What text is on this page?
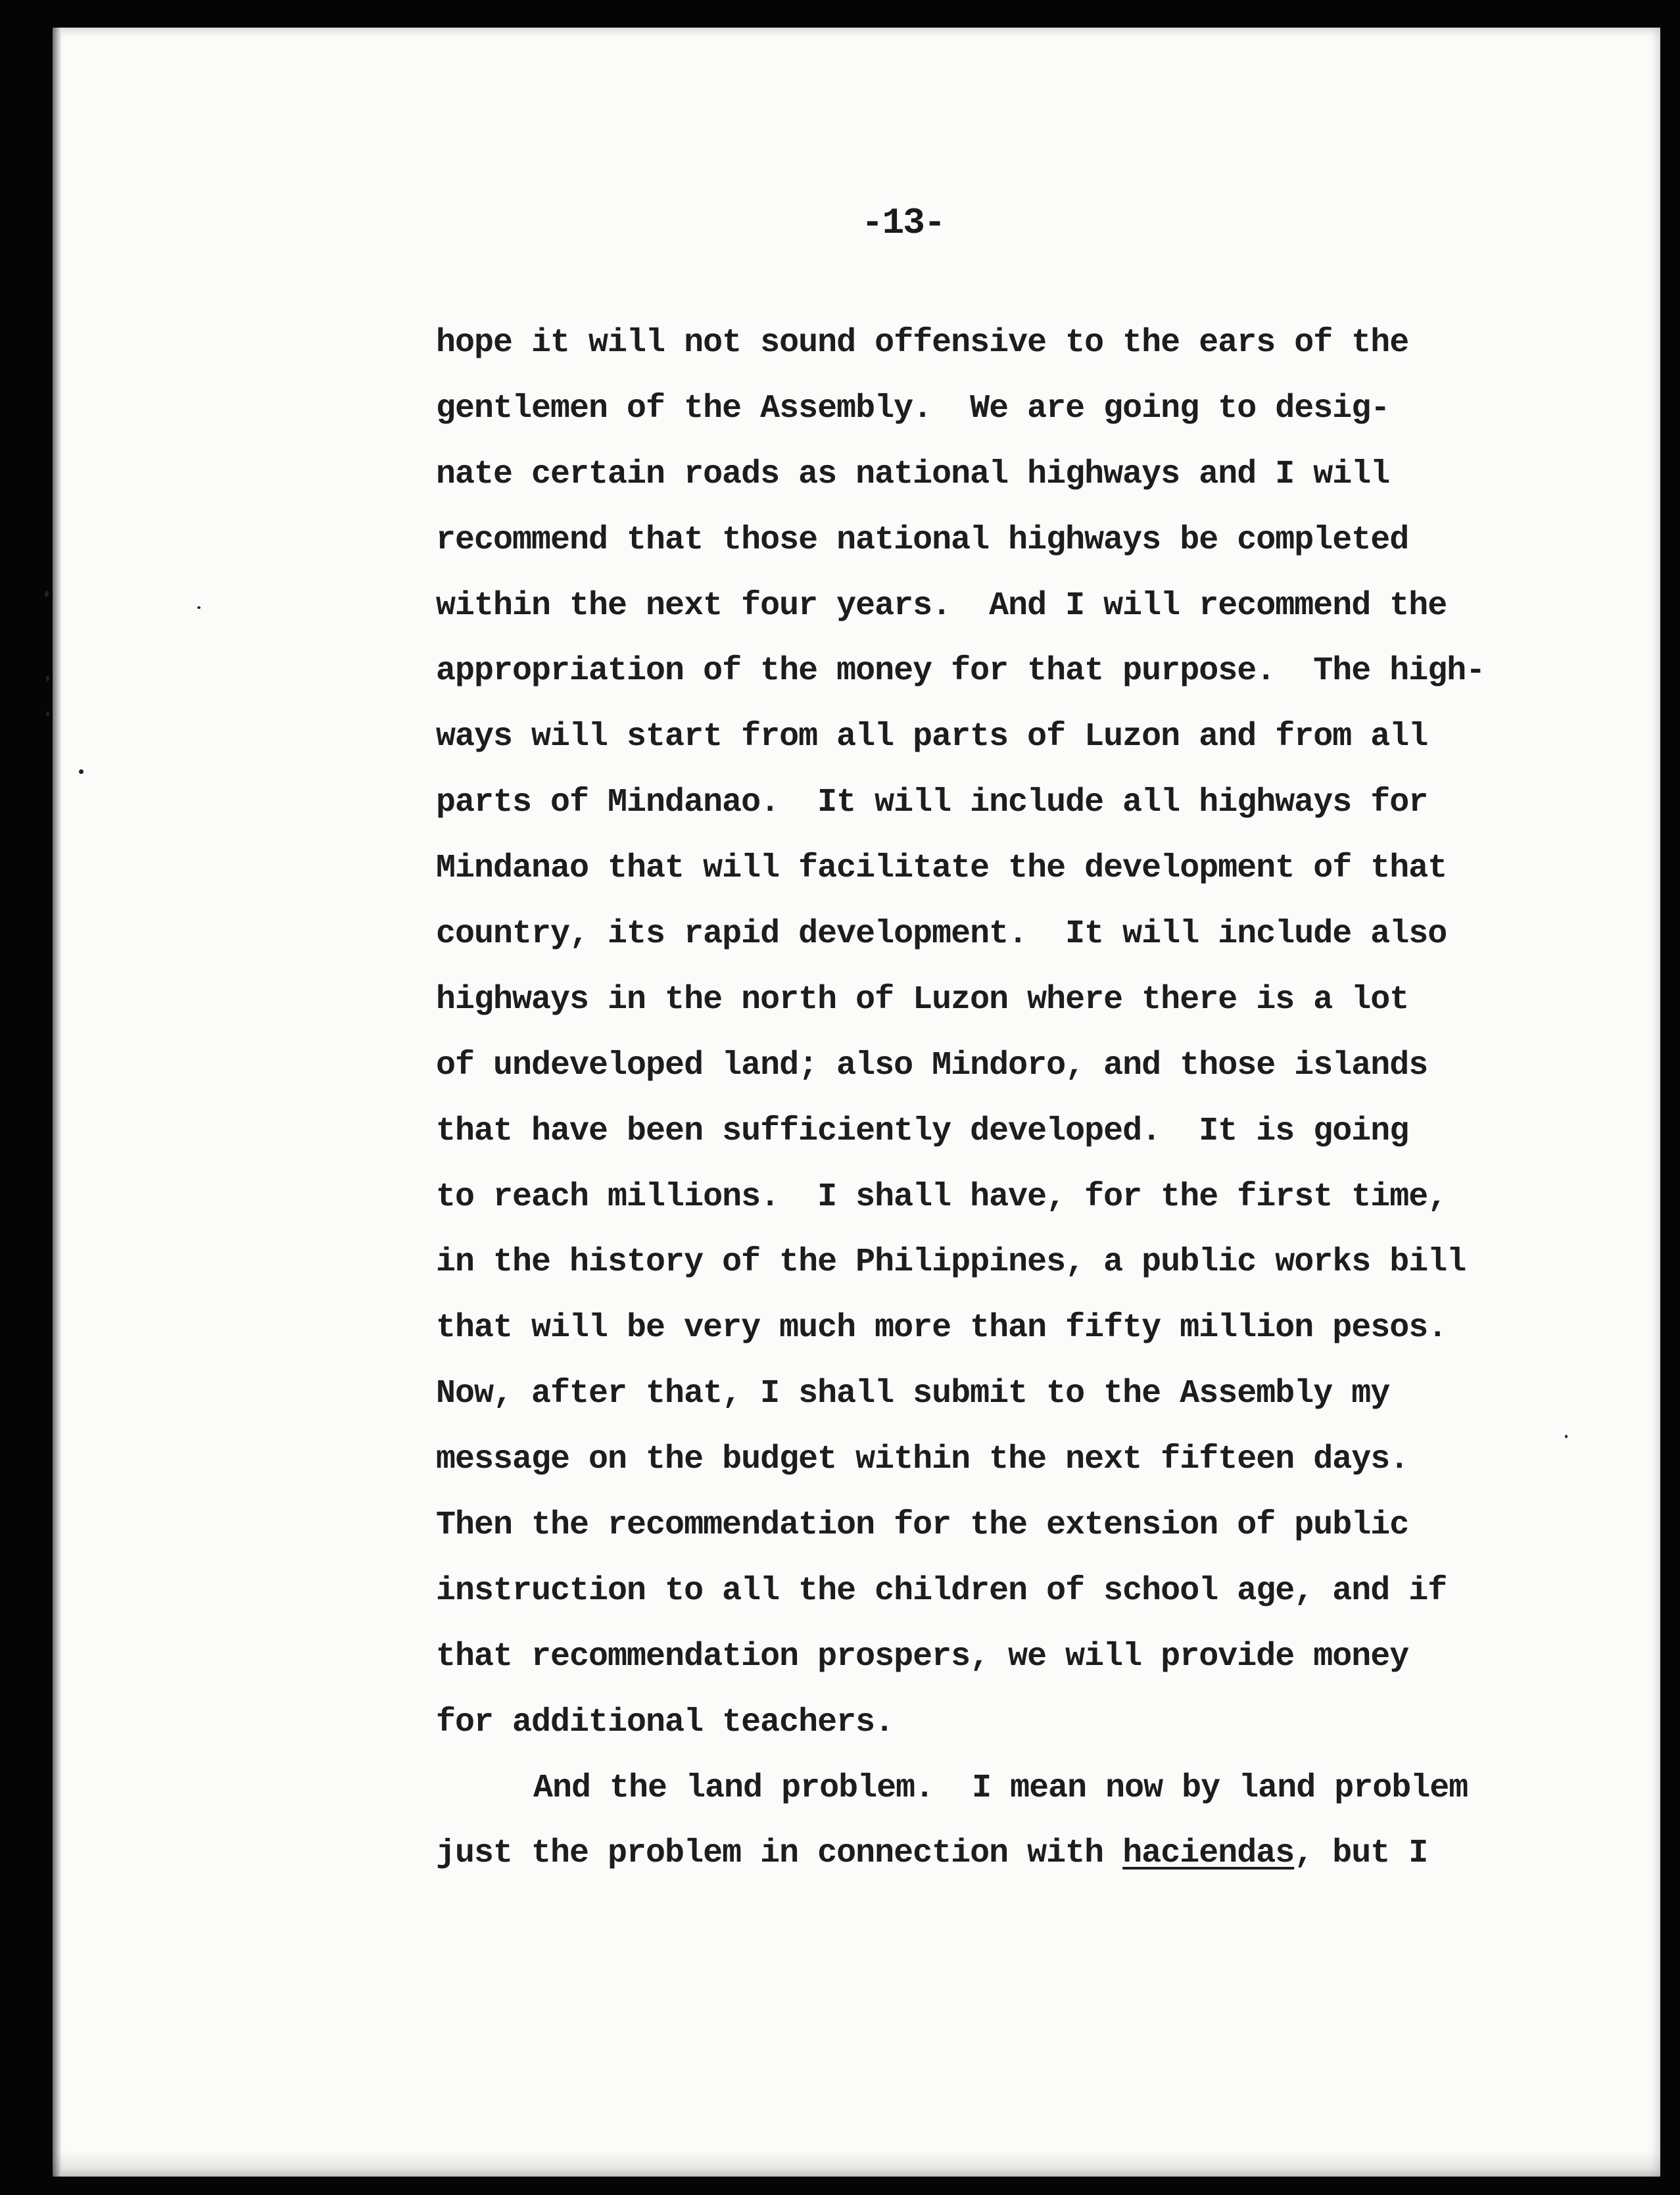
-13-

hope it will not sound offensive to the ears of the
gentlemen of the Assembly.  We are going to desig-
nate certain roads as national highways and I will
recommend that those national highways be completed
within the next four years.  And I will recommend the
appropriation of the money for that purpose.  The high-
ways will start from all parts of Luzon and from all
parts of Mindanao.  It will include all highways for
Mindanao that will facilitate the development of that
country, its rapid development.  It will include also
highways in the north of Luzon where there is a lot
of undeveloped land; also Mindoro, and those islands
that have been sufficiently developed.  It is going
to reach millions.  I shall have, for the first time,
in the history of the Philippines, a public works bill
that will be very much more than fifty million pesos.
Now, after that, I shall submit to the Assembly my
message on the budget within the next fifteen days.
Then the recommendation for the extension of public
instruction to all the children of school age, and if
that recommendation prospers, we will provide money
for additional teachers.
And the land problem.  I mean now by land problem
just the problem in connection with haciendas, but I
